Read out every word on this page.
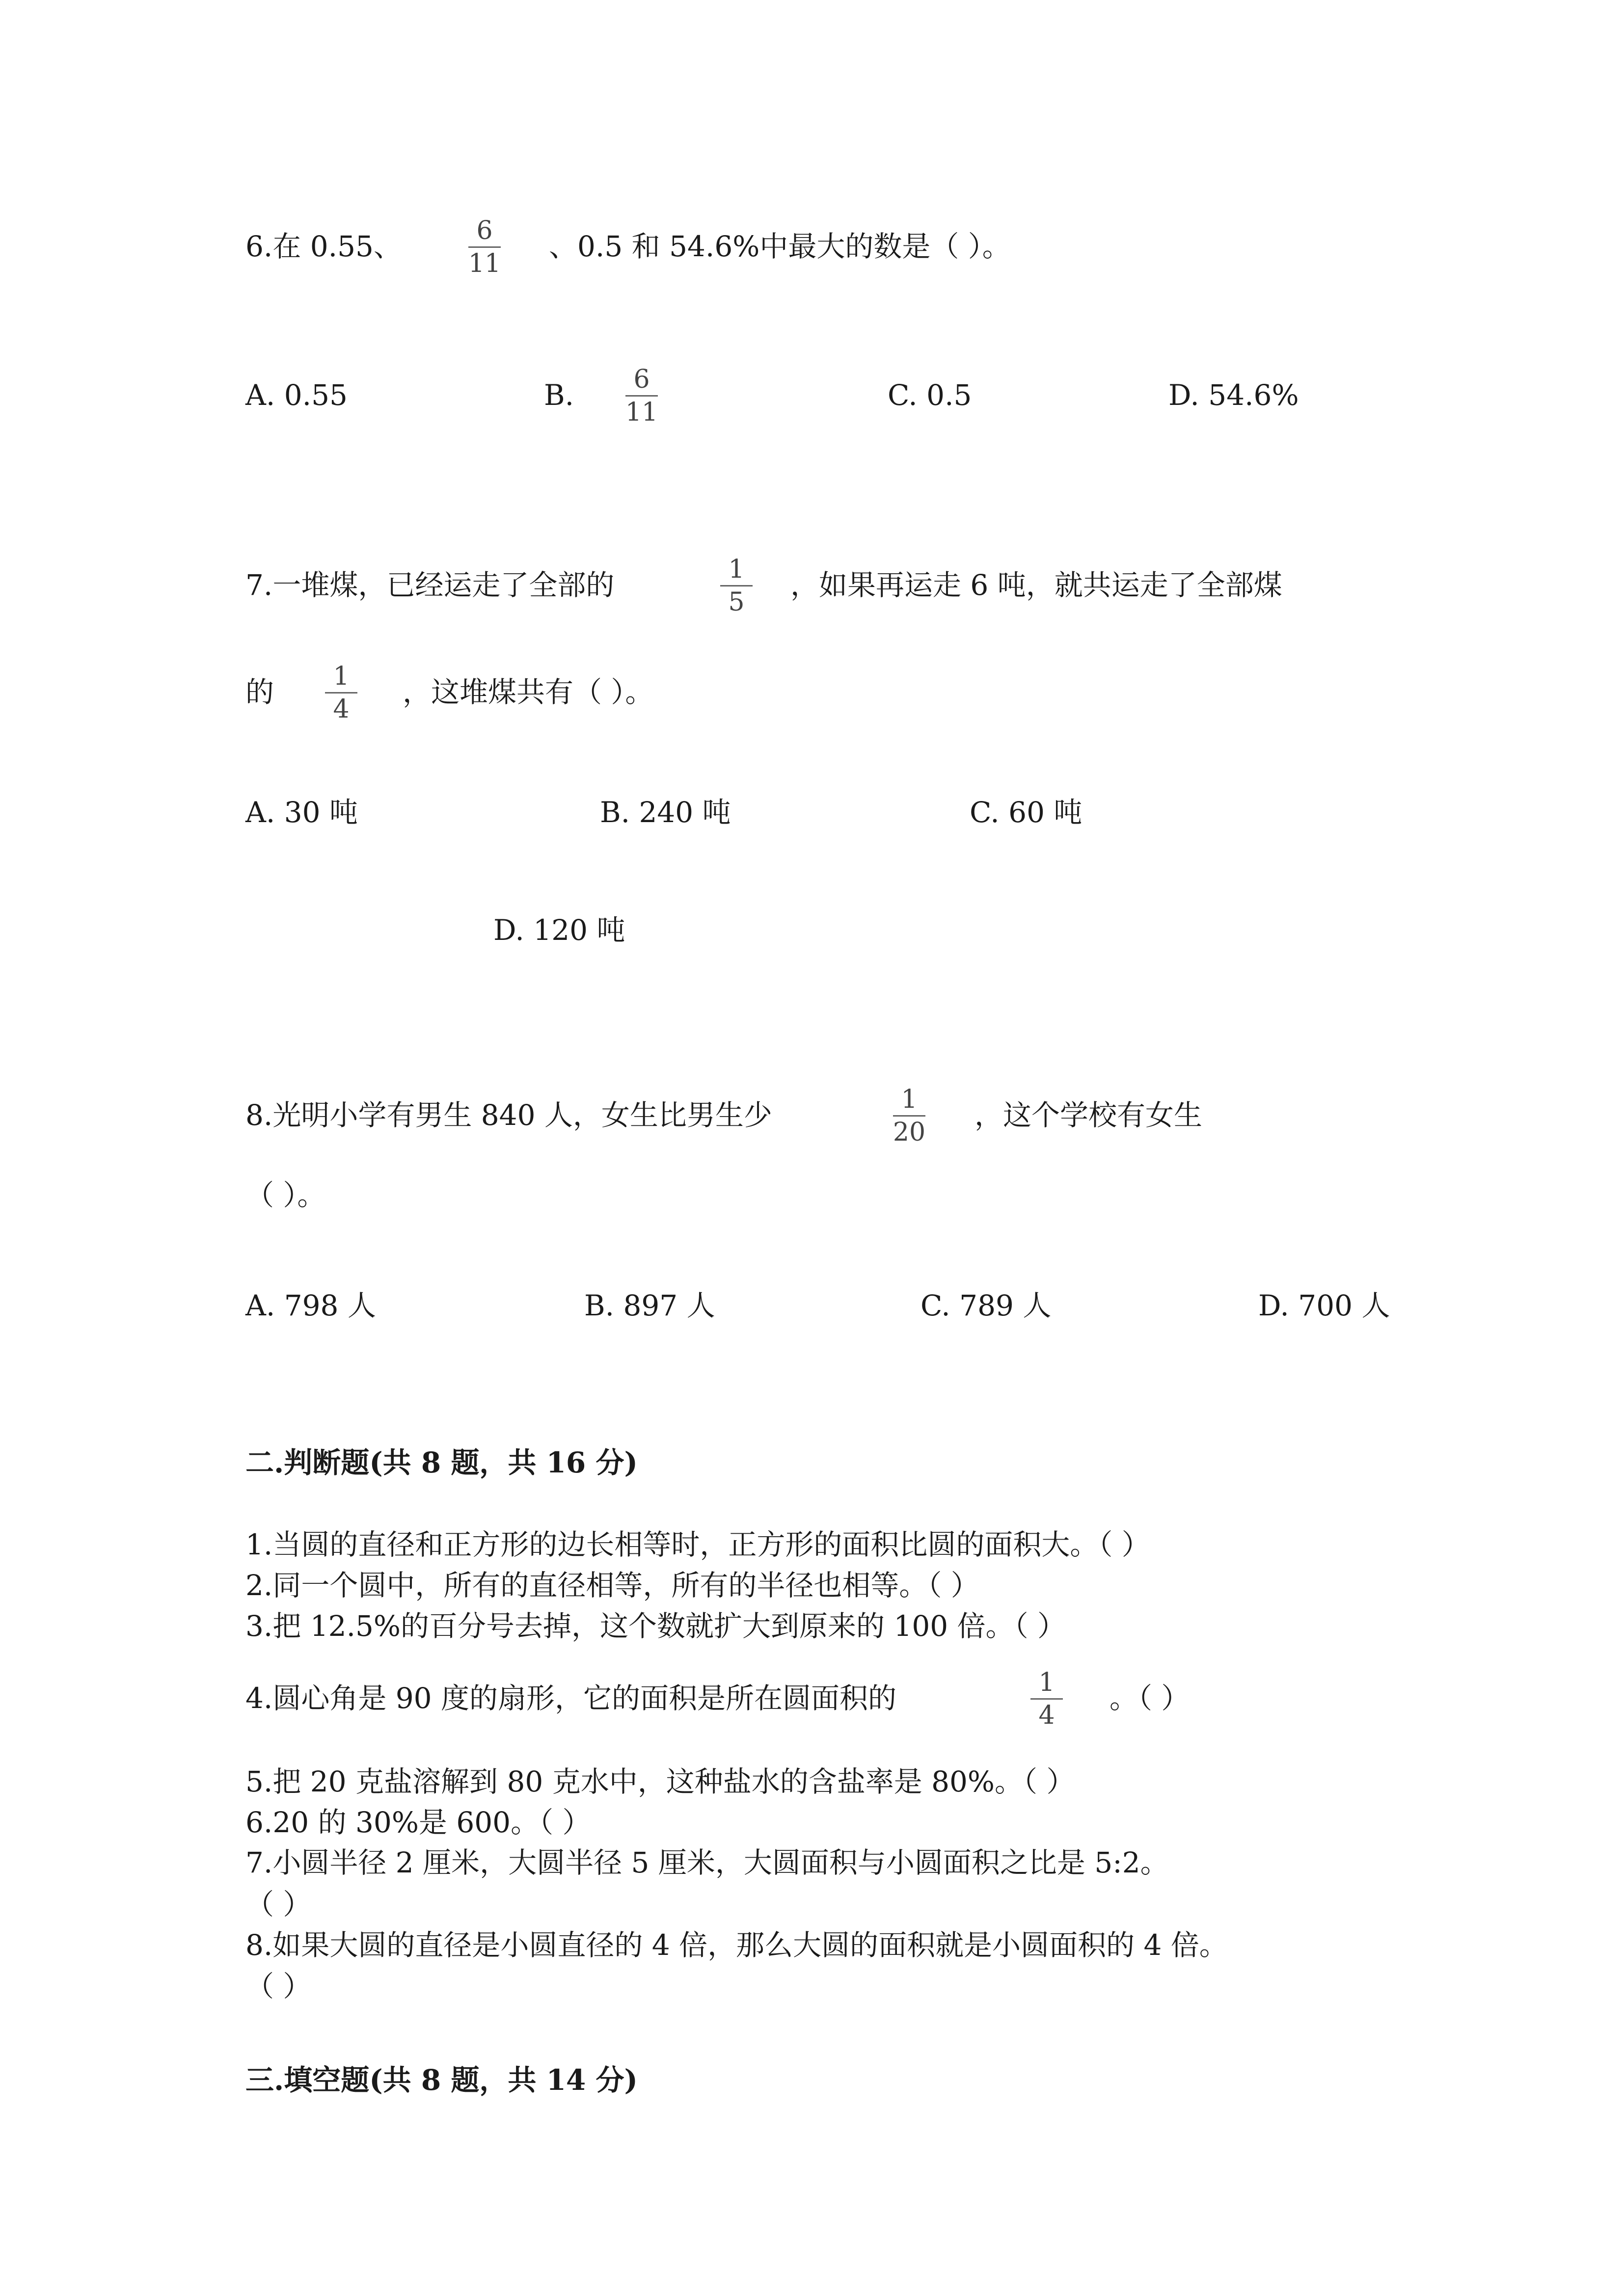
6.在 0.55、	6
11
、0.5 和 54.6%中最大的数是（ ）。
A. 0.55	B.	6
11
C. 0.5	D. 54.6%
7.一堆煤，已经运走了全部的	1
5
，如果再运走 6 吨，就共运走了全部煤
的	1
4
，这堆煤共有（ ）。
A. 30 吨	B. 240 吨	C. 60 吨
D. 120 吨
8.光明小学有男生 840 人，女生比男生少	1
20
，这个学校有女生
（ ）。
A. 798 人	B. 897 人	C. 789 人	D. 700 人
二.判断题(共 8 题，共 16 分)
1.当圆的直径和正方形的边长相等时，正方形的面积比圆的面积大。（ ）
2.同一个圆中，所有的直径相等，所有的半径也相等。（ ）
3.把 12.5%的百分号去掉，这个数就扩大到原来的 100 倍。（ ）
4.圆心角是 90 度的扇形，它的面积是所在圆面积的	1
4
。（ ）
5.把 20 克盐溶解到 80 克水中，这种盐水的含盐率是 80%。（ ）
6.20 的 30%是 600。（ ）
7.小圆半径 2 厘米，大圆半径 5 厘米，大圆面积与小圆面积之比是 5:2。
（ ）
8.如果大圆的直径是小圆直径的 4 倍，那么大圆的面积就是小圆面积的 4 倍。
（ ）
三.填空题(共 8 题，共 14 分)
